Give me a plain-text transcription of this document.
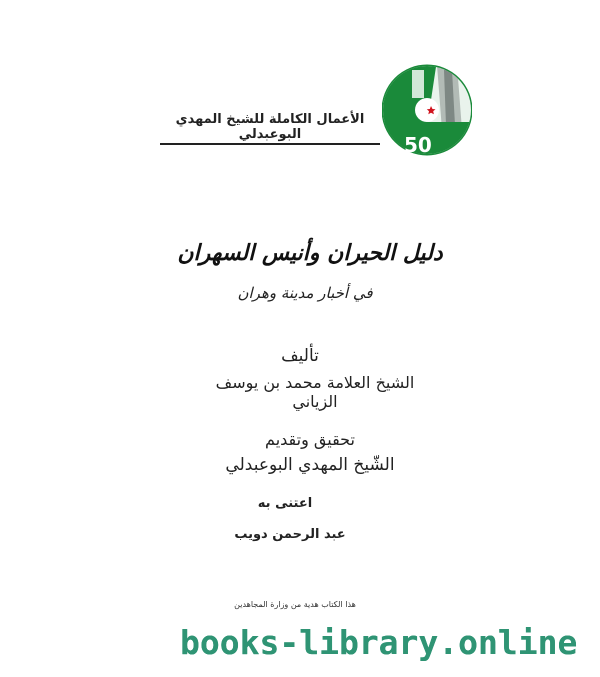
الأعمال الكاملة للشيخ المهدي البوعبدلي	50
دليل الحيران وأنيس السهران
في أخبار مدينة وهران
تأليف
الشيخ العلامة محمد بن يوسف الزياني
تحقيق وتقديم
الشّيخ المهدي البوعبدلي
اعتنى به
عبد الرحمن دويب
هذا الكتاب هدية من وزارة المجاهدين
books-library.online
